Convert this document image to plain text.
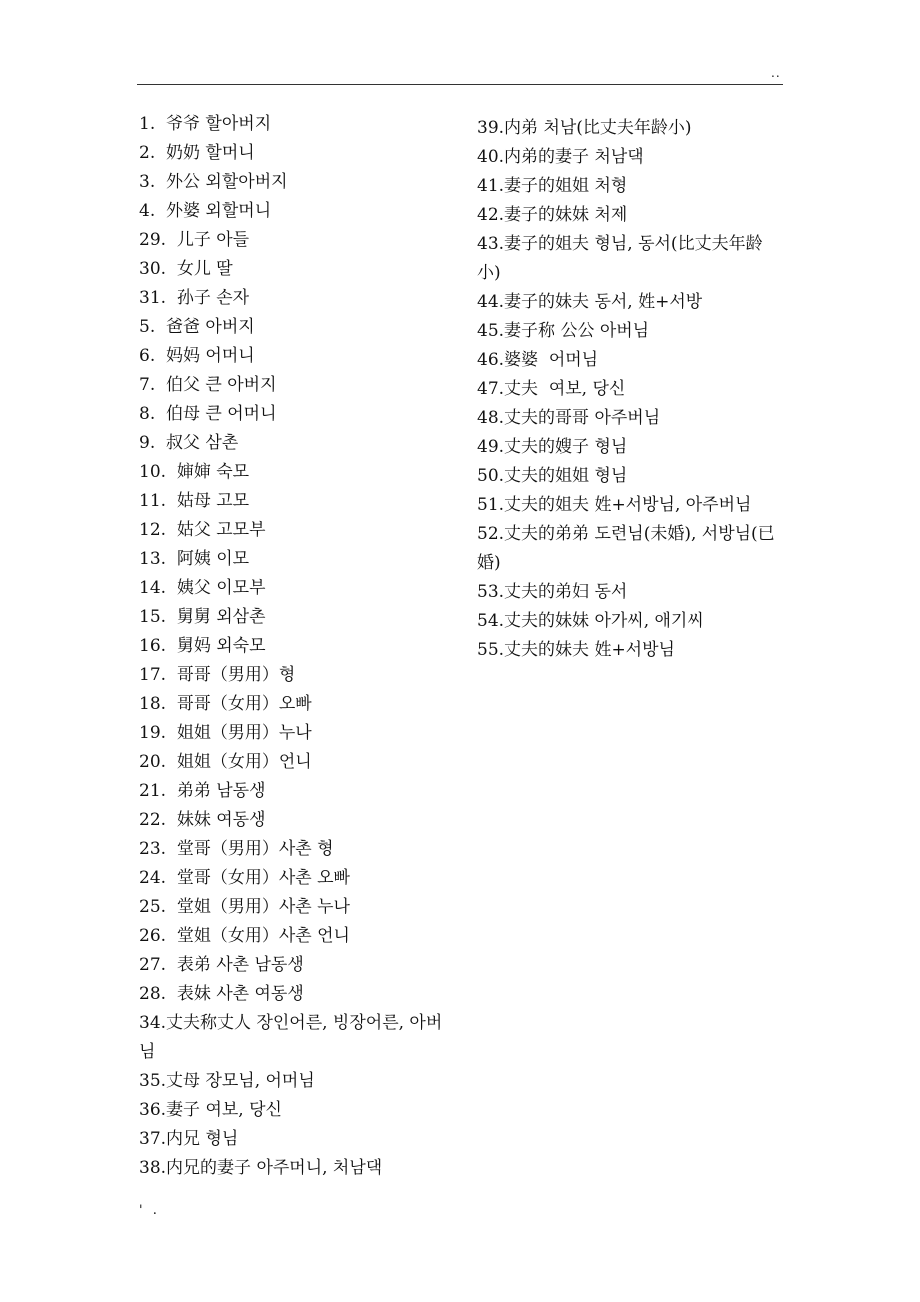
..
1.  爷爷 할아버지
2.  奶奶 할머니
3.  外公 외할아버지
4.  外婆 외할머니
29.  儿子 아들
30.  女儿 딸
31.  孙子 손자
5.  爸爸 아버지
6.  妈妈 어머니
7.  伯父 큰 아버지
8.  伯母 큰 어머니
9.  叔父 삼촌
10.  婶婶 숙모
11.  姑母 고모
12.  姑父 고모부
13.  阿姨 이모
14.  姨父 이모부
15.  舅舅 외삼촌
16.  舅妈 외숙모
17.  哥哥（男用）형
18.  哥哥（女用）오빠
19.  姐姐（男用）누나
20.  姐姐（女用）언니
21.  弟弟 남동생
22.  妹妹 여동생
23.  堂哥（男用）사촌 형
24.  堂哥（女用）사촌 오빠
25.  堂姐（男用）사촌 누나
26.  堂姐（女用）사촌 언니
27.  表弟 사촌 남동생
28.  表妹 사촌 여동생
34.丈夫称丈人 장인어른, 빙장어른, 아버님
35.丈母 장모님, 어머님
36.妻子 여보, 당신
37.内兄 형님
38.内兄的妻子 아주머니, 처남댁
39.内弟 처남(比丈夫年龄小)
40.内弟的妻子 처남댁
41.妻子的姐姐 처형
42.妻子的妹妹 처제
43.妻子的姐夫 형님, 동서(比丈夫年龄小)
44.妻子的妹夫 동서, 姓+서방
45.妻子称 公公 아버님
46.婆婆  어머님
47.丈夫  여보, 당신
48.丈夫的哥哥 아주버님
49.丈夫的嫂子 형님
50.丈夫的姐姐 형님
51.丈夫的姐夫 姓+서방님, 아주버님
52.丈夫的弟弟 도련님(未婚), 서방님(已婚)
53.丈夫的弟妇 동서
54.丈夫的妹妹 아가씨, 애기씨
55.丈夫的妹夫 姓+서방님
' .
